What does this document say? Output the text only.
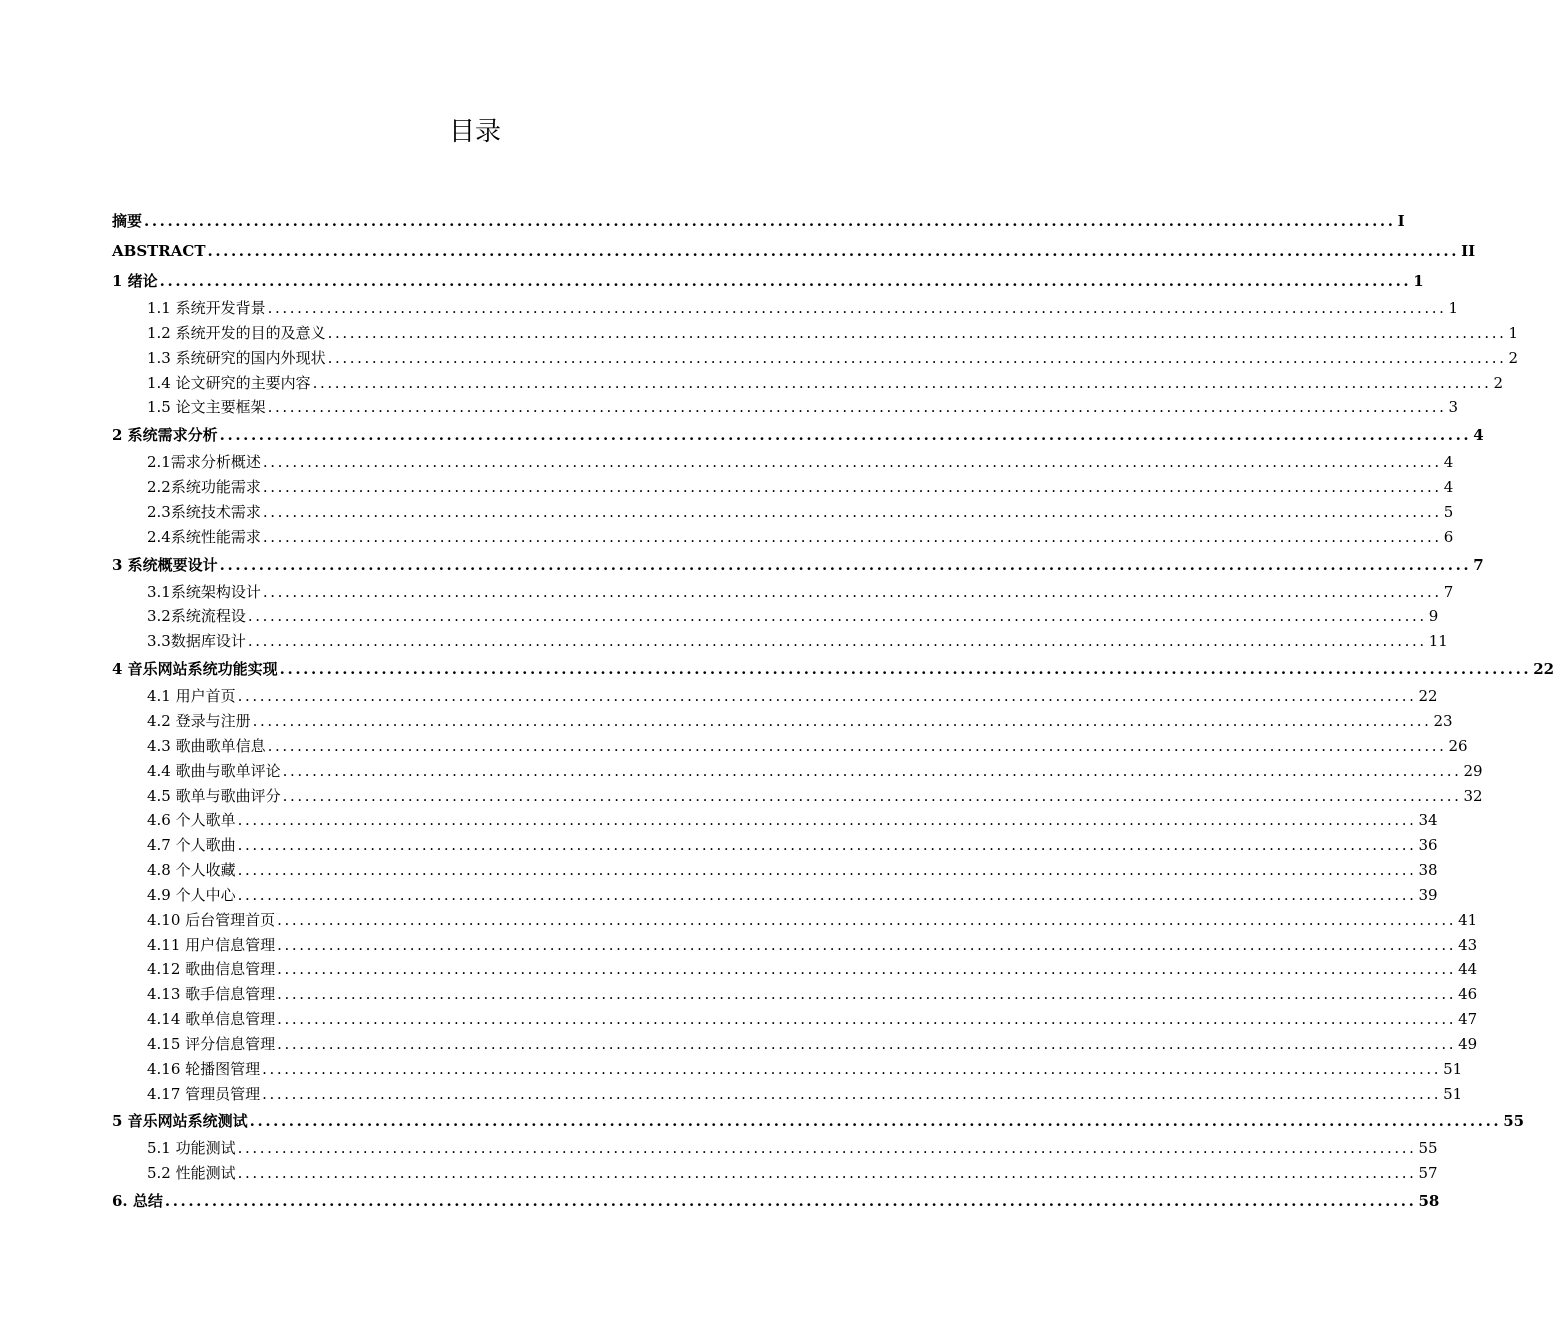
目录
摘要 ................................................................................................................................................................ I
ABSTRACT ................................................................................................................................................................ II
1 绪论 ................................................................................................................................................................ 1
1.1 系统开发背景 ................................................................................................................................................................ 1
1.2 系统开发的目的及意义 ................................................................................................................................................................ 1
1.3 系统研究的国内外现状 ................................................................................................................................................................ 2
1.4 论文研究的主要内容 ................................................................................................................................................................ 2
1.5 论文主要框架 ................................................................................................................................................................ 3
2 系统需求分析 ................................................................................................................................................................ 4
2.1需求分析概述 ................................................................................................................................................................ 4
2.2系统功能需求 ................................................................................................................................................................ 4
2.3系统技术需求 ................................................................................................................................................................ 5
2.4系统性能需求 ................................................................................................................................................................ 6
3 系统概要设计 ................................................................................................................................................................ 7
3.1系统架构设计 ................................................................................................................................................................ 7
3.2系统流程设 ................................................................................................................................................................ 9
3.3数据库设计 ................................................................................................................................................................ 11
4 音乐网站系统功能实现 ................................................................................................................................................................ 22
4.1 用户首页 ................................................................................................................................................................ 22
4.2 登录与注册 ................................................................................................................................................................ 23
4.3 歌曲歌单信息 ................................................................................................................................................................ 26
4.4 歌曲与歌单评论 ................................................................................................................................................................ 29
4.5 歌单与歌曲评分 ................................................................................................................................................................ 32
4.6 个人歌单 ................................................................................................................................................................ 34
4.7 个人歌曲 ................................................................................................................................................................ 36
4.8 个人收藏 ................................................................................................................................................................ 38
4.9 个人中心 ................................................................................................................................................................ 39
4.10 后台管理首页 ................................................................................................................................................................ 41
4.11 用户信息管理 ................................................................................................................................................................ 43
4.12 歌曲信息管理 ................................................................................................................................................................ 44
4.13 歌手信息管理 ................................................................................................................................................................ 46
4.14 歌单信息管理 ................................................................................................................................................................ 47
4.15 评分信息管理 ................................................................................................................................................................ 49
4.16 轮播图管理 ................................................................................................................................................................ 51
4.17 管理员管理 ................................................................................................................................................................ 51
5 音乐网站系统测试 ................................................................................................................................................................ 55
5.1 功能测试 ................................................................................................................................................................ 55
5.2 性能测试 ................................................................................................................................................................ 57
6. 总结 ................................................................................................................................................................ 58
